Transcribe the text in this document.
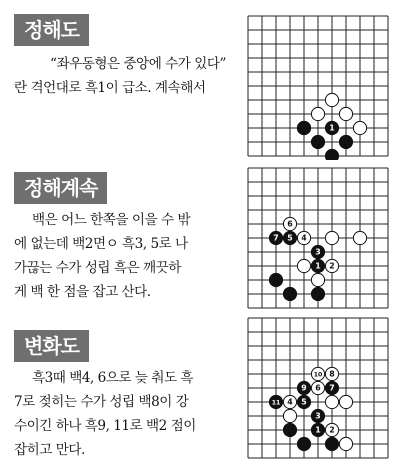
정해도
“좌우동형은 중앙에 수가 있다”
란 격언대로 흑1이 급소. 계속해서
1
정해계속
백은 어느 한쪽을 이을 수 밖
에 없는데 백2면ㅇ 흑3, 5로 나
가끊는 수가 성립 흑은 깨끗하
게 백 한 점을 잡고 산다.
6
7 5 4
3
1 2
변화도
흑3때 백4, 6으로 늦 춰도 흑
7로 젖히는 수가 성립 백8이 강
수이긴 하나 흑9, 11로 백2 점이
잡히고 만다.
10 8
9 6 7
11 4 5
3
1 2
